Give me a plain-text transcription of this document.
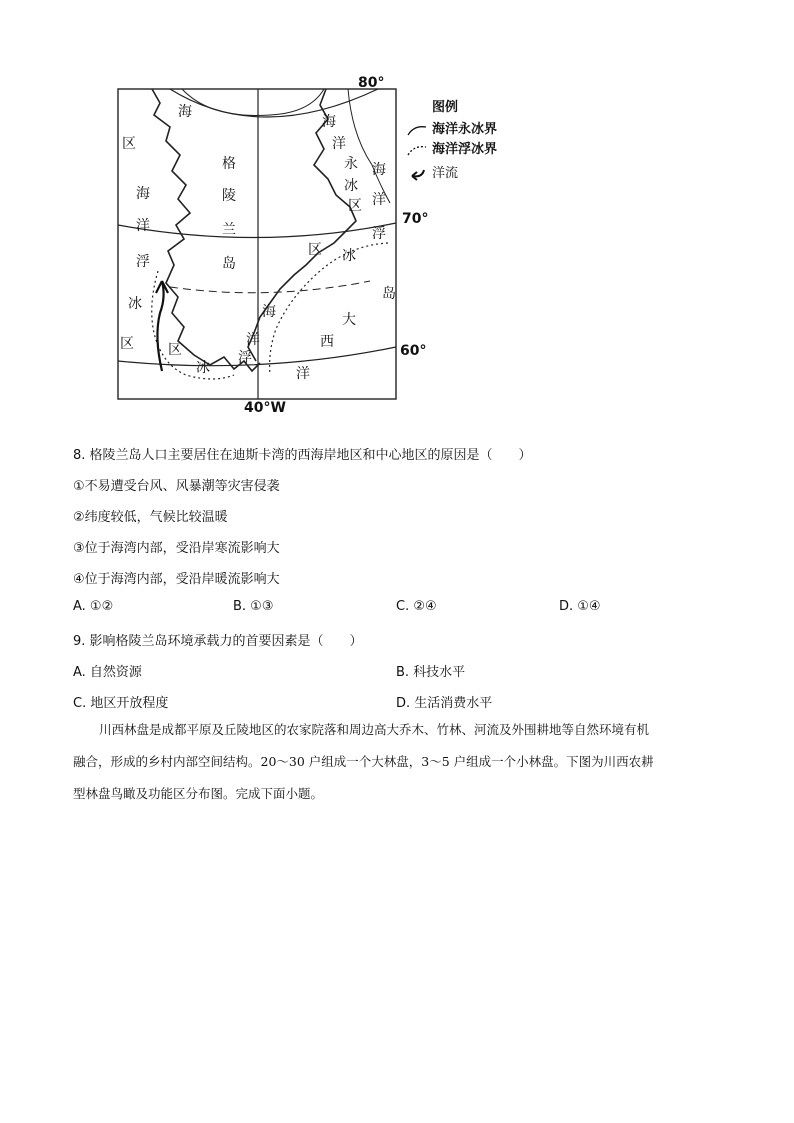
80°
70°
60°
40°W
海
区
格
陵
兰
岛
海
洋
浮
冰
区 区
海
洋
永
冰
区
海
洋
浮
冰
区
岛
大
西
洋
海
洋
浮
冰
图例
海洋永冰界
海洋浮冰界
洋流
8. 格陵兰岛人口主要居住在迪斯卡湾的西海岸地区和中心地区的原因是（　　）
①不易遭受台风、风暴潮等灾害侵袭
②纬度较低，气候比较温暖
③位于海湾内部，受沿岸寒流影响大
④位于海湾内部，受沿岸暖流影响大
A. ①②	B. ①③	C. ②④	D. ①④
9. 影响格陵兰岛环境承载力的首要因素是（　　）
A. 自然资源	B. 科技水平
C. 地区开放程度	D. 生活消费水平

川西林盘是成都平原及丘陵地区的农家院落和周边高大乔木、竹林、河流及外围耕地等自然环境有机

融合，形成的乡村内部空间结构。20～30 户组成一个大林盘，3～5 户组成一个小林盘。下图为川西农耕

型林盘鸟瞰及功能区分布图。完成下面小题。
